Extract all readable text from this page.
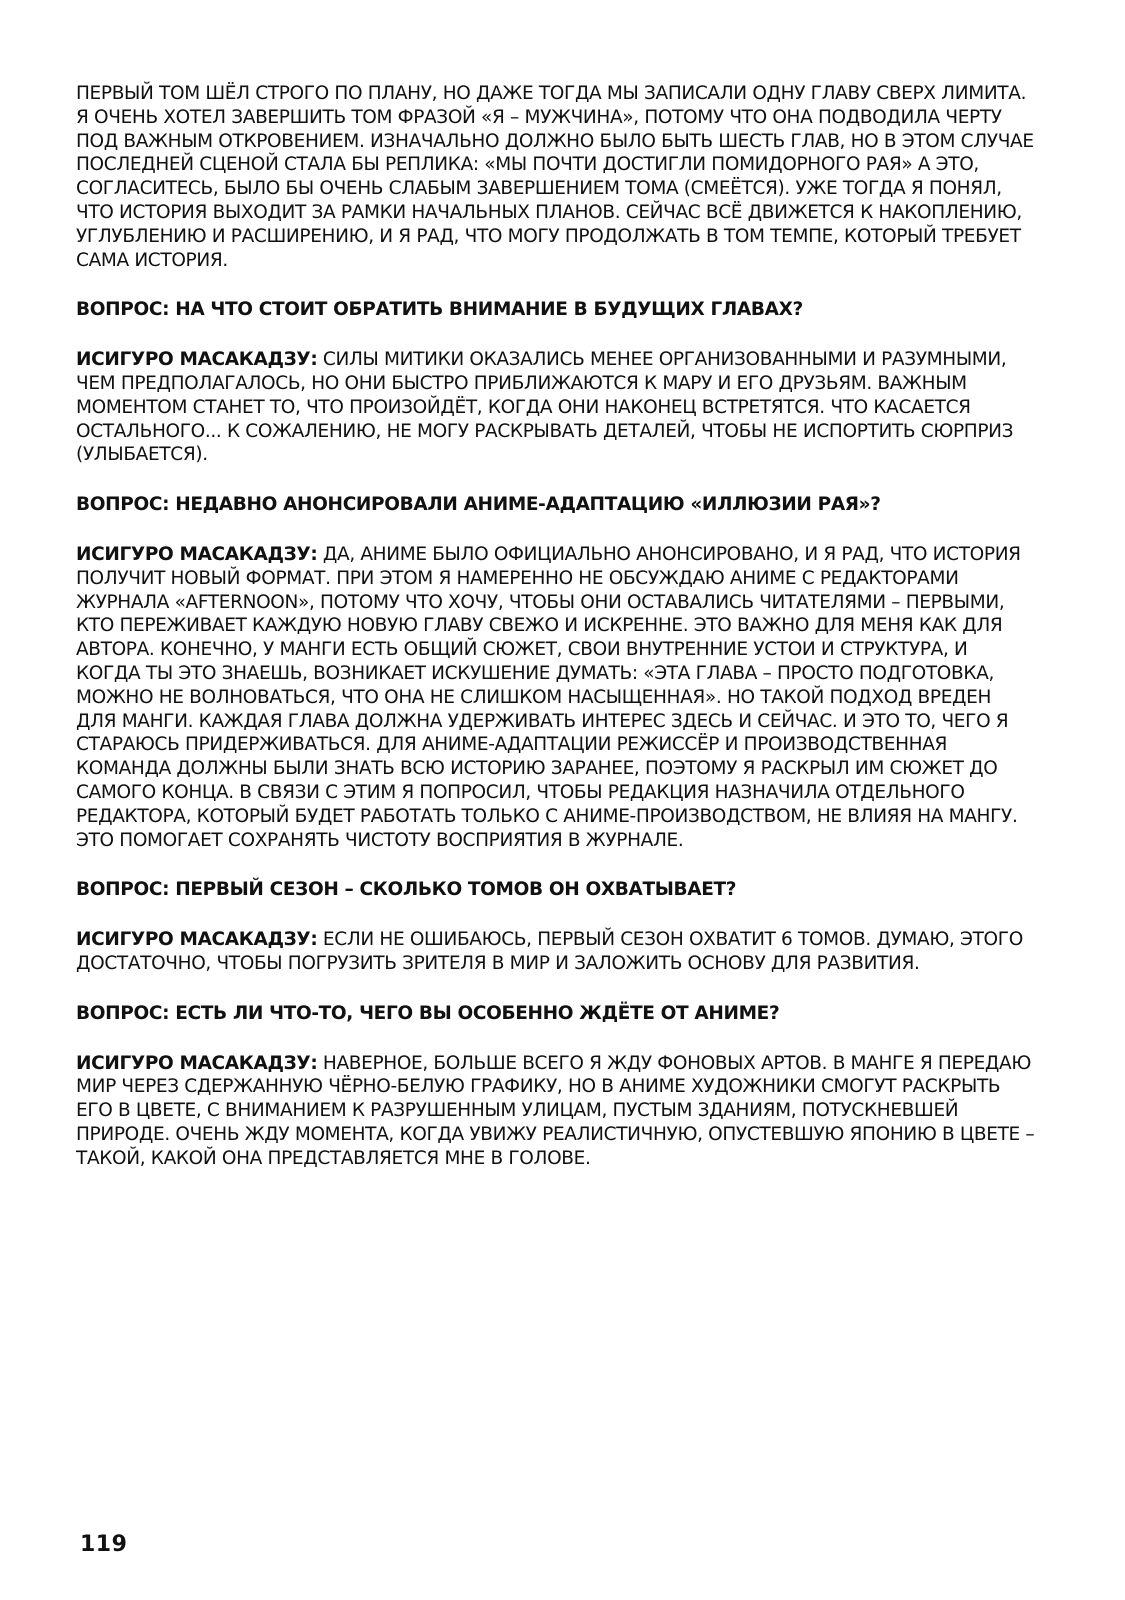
ПЕРВЫЙ ТОМ ШЁЛ СТРОГО ПО ПЛАНУ, НО ДАЖЕ ТОГДА МЫ ЗАПИСАЛИ ОДНУ ГЛАВУ СВЕРХ ЛИМИТА. Я ОЧЕНЬ ХОТЕЛ ЗАВЕРШИТЬ ТОМ ФРАЗОЙ «Я – МУЖЧИНА», ПОТОМУ ЧТО ОНА ПОДВОДИЛА ЧЕРТУ ПОД ВАЖНЫМ ОТКРОВЕНИЕМ. ИЗНАЧАЛЬНО ДОЛЖНО БЫЛО БЫТЬ ШЕСТЬ ГЛАВ, НО В ЭТОМ СЛУЧАЕ ПОСЛЕДНЕЙ СЦЕНОЙ СТАЛА БЫ РЕПЛИКА: «МЫ ПОЧТИ ДОСТИГЛИ ПОМИДОРНОГО РАЯ» А ЭТО, СОГЛАСИТЕСЬ, БЫЛО БЫ ОЧЕНЬ СЛАБЫМ ЗАВЕРШЕНИЕМ ТОМА (СМЕЁТСЯ). УЖЕ ТОГДА Я ПОНЯЛ, ЧТО ИСТОРИЯ ВЫХОДИТ ЗА РАМКИ НАЧАЛЬНЫХ ПЛАНОВ. СЕЙЧАС ВСЁ ДВИЖЕТСЯ К НАКОПЛЕНИЮ, УГЛУБЛЕНИЮ И РАСШИРЕНИЮ, И Я РАД, ЧТО МОГУ ПРОДОЛЖАТЬ В ТОМ ТЕМПЕ, КОТОРЫЙ ТРЕБУЕТ САМА ИСТОРИЯ.

ВОПРОС: НА ЧТО СТОИТ ОБРАТИТЬ ВНИМАНИЕ В БУДУЩИХ ГЛАВАХ?

ИСИГУРО МАСАКАДЗУ: СИЛЫ МИТИКИ ОКАЗАЛИСЬ МЕНЕЕ ОРГАНИЗОВАННЫМИ И РАЗУМНЫМИ, ЧЕМ ПРЕДПОЛАГАЛОСЬ, НО ОНИ БЫСТРО ПРИБЛИЖАЮТСЯ К МАРУ И ЕГО ДРУЗЬЯМ. ВАЖНЫМ МОМЕНТОМ СТАНЕТ ТО, ЧТО ПРОИЗОЙДЁТ, КОГДА ОНИ НАКОНЕЦ ВСТРЕТЯТСЯ. ЧТО КАСАЕТСЯ ОСТАЛЬНОГО... К СОЖАЛЕНИЮ, НЕ МОГУ РАСКРЫВАТЬ ДЕТАЛЕЙ, ЧТОБЫ НЕ ИСПОРТИТЬ СЮРПРИЗ (УЛЫБАЕТСЯ).

ВОПРОС: НЕДАВНО АНОНСИРОВАЛИ АНИМЕ-АДАПТАЦИЮ «ИЛЛЮЗИИ РАЯ»?

ИСИГУРО МАСАКАДЗУ: ДА, АНИМЕ БЫЛО ОФИЦИАЛЬНО АНОНСИРОВАНО, И Я РАД, ЧТО ИСТОРИЯ ПОЛУЧИТ НОВЫЙ ФОРМАТ. ПРИ ЭТОМ Я НАМЕРЕННО НЕ ОБСУЖДАЮ АНИМЕ С РЕДАКТОРАМИ ЖУРНАЛА «AFTERNOON», ПОТОМУ ЧТО ХОЧУ, ЧТОБЫ ОНИ ОСТАВАЛИСЬ ЧИТАТЕЛЯМИ – ПЕРВЫМИ, КТО ПЕРЕЖИВАЕТ КАЖДУЮ НОВУЮ ГЛАВУ СВЕЖО И ИСКРЕННЕ. ЭТО ВАЖНО ДЛЯ МЕНЯ КАК ДЛЯ АВТОРА. КОНЕЧНО, У МАНГИ ЕСТЬ ОБЩИЙ СЮЖЕТ, СВОИ ВНУТРЕННИЕ УСТОИ И СТРУКТУРА, И КОГДА ТЫ ЭТО ЗНАЕШЬ, ВОЗНИКАЕТ ИСКУШЕНИЕ ДУМАТЬ: «ЭТА ГЛАВА – ПРОСТО ПОДГОТОВКА, МОЖНО НЕ ВОЛНОВАТЬСЯ, ЧТО ОНА НЕ СЛИШКОМ НАСЫЩЕННАЯ». НО ТАКОЙ ПОДХОД ВРЕДЕН ДЛЯ МАНГИ. КАЖДАЯ ГЛАВА ДОЛЖНА УДЕРЖИВАТЬ ИНТЕРЕС ЗДЕСЬ И СЕЙЧАС. И ЭТО ТО, ЧЕГО Я СТАРАЮСЬ ПРИДЕРЖИВАТЬСЯ. ДЛЯ АНИМЕ-АДАПТАЦИИ РЕЖИССЁР И ПРОИЗВОДСТВЕННАЯ КОМАНДА ДОЛЖНЫ БЫЛИ ЗНАТЬ ВСЮ ИСТОРИЮ ЗАРАНЕЕ, ПОЭТОМУ Я РАСКРЫЛ ИМ СЮЖЕТ ДО САМОГО КОНЦА. В СВЯЗИ С ЭТИМ Я ПОПРОСИЛ, ЧТОБЫ РЕДАКЦИЯ НАЗНАЧИЛА ОТДЕЛЬНОГО РЕДАКТОРА, КОТОРЫЙ БУДЕТ РАБОТАТЬ ТОЛЬКО С АНИМЕ-ПРОИЗВОДСТВОМ, НЕ ВЛИЯЯ НА МАНГУ. ЭТО ПОМОГАЕТ СОХРАНЯТЬ ЧИСТОТУ ВОСПРИЯТИЯ В ЖУРНАЛЕ.

ВОПРОС: ПЕРВЫЙ СЕЗОН – СКОЛЬКО ТОМОВ ОН ОХВАТЫВАЕТ?

ИСИГУРО МАСАКАДЗУ: ЕСЛИ НЕ ОШИБАЮСЬ, ПЕРВЫЙ СЕЗОН ОХВАТИТ 6 ТОМОВ. ДУМАЮ, ЭТОГО ДОСТАТОЧНО, ЧТОБЫ ПОГРУЗИТЬ ЗРИТЕЛЯ В МИР И ЗАЛОЖИТЬ ОСНОВУ ДЛЯ РАЗВИТИЯ.

ВОПРОС: ЕСТЬ ЛИ ЧТО-ТО, ЧЕГО ВЫ ОСОБЕННО ЖДЁТЕ ОТ АНИМЕ?

ИСИГУРО МАСАКАДЗУ: НАВЕРНОЕ, БОЛЬШЕ ВСЕГО Я ЖДУ ФОНОВЫХ АРТОВ. В МАНГЕ Я ПЕРЕДАЮ МИР ЧЕРЕЗ СДЕРЖАННУЮ ЧЁРНО-БЕЛУЮ ГРАФИКУ, НО В АНИМЕ ХУДОЖНИКИ СМОГУТ РАСКРЫТЬ ЕГО В ЦВЕТЕ, С ВНИМАНИЕМ К РАЗРУШЕННЫМ УЛИЦАМ, ПУСТЫМ ЗДАНИЯМ, ПОТУСКНЕВШЕЙ ПРИРОДЕ. ОЧЕНЬ ЖДУ МОМЕНТА, КОГДА УВИЖУ РЕАЛИСТИЧНУЮ, ОПУСТЕВШУЮ ЯПОНИЮ В ЦВЕТЕ – ТАКОЙ, КАКОЙ ОНА ПРЕДСТАВЛЯЕТСЯ МНЕ В ГОЛОВЕ.

119
